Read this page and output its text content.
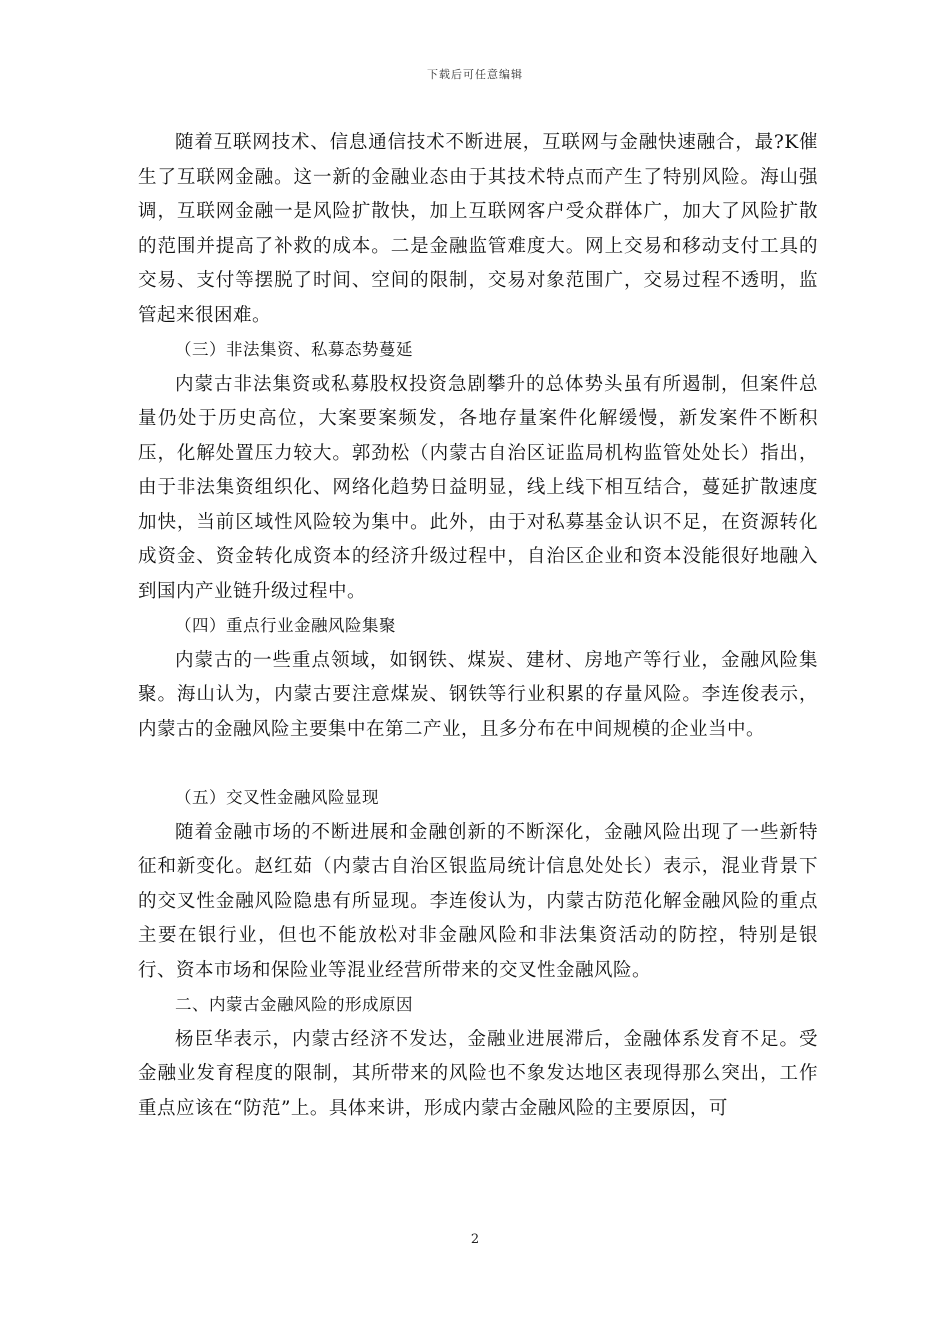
下载后可任意编辑

随着互联网技术、信息通信技术不断进展，互联网与金融快速融合，最?K催生了互联网金融。这一新的金融业态由于其技术特点而产生了特别风险。海山强调，互联网金融一是风险扩散快，加上互联网客户受众群体广，加大了风险扩散的范围并提高了补救的成本。二是金融监管难度大。网上交易和移动支付工具的交易、支付等摆脱了时间、空间的限制，交易对象范围广，交易过程不透明，监管起来很困难。

（三）非法集资、私募态势蔓延

内蒙古非法集资或私募股权投资急剧攀升的总体势头虽有所遏制，但案件总量仍处于历史高位，大案要案频发，各地存量案件化解缓慢，新发案件不断积压，化解处置压力较大。郭劲松（内蒙古自治区证监局机构监管处处长）指出，由于非法集资组织化、网络化趋势日益明显，线上线下相互结合，蔓延扩散速度加快，当前区域性风险较为集中。此外，由于对私募基金认识不足，在资源转化成资金、资金转化成资本的经济升级过程中，自治区企业和资本没能很好地融入到国内产业链升级过程中。

（四）重点行业金融风险集聚

内蒙古的一些重点领域，如钢铁、煤炭、建材、房地产等行业，金融风险集聚。海山认为，内蒙古要注意煤炭、钢铁等行业积累的存量风险。李连俊表示，内蒙古的金融风险主要集中在第二产业，且多分布在中间规模的企业当中。

（五）交叉性金融风险显现

随着金融市场的不断进展和金融创新的不断深化，金融风险出现了一些新特征和新变化。赵红茹（内蒙古自治区银监局统计信息处处长）表示，混业背景下的交叉性金融风险隐患有所显现。李连俊认为，内蒙古防范化解金融风险的重点主要在银行业，但也不能放松对非金融风险和非法集资活动的防控，特别是银行、资本市场和保险业等混业经营所带来的交叉性金融风险。

二、内蒙古金融风险的形成原因

杨臣华表示，内蒙古经济不发达，金融业进展滞后，金融体系发育不足。受金融业发育程度的限制，其所带来的风险也不象发达地区表现得那么突出，工作重点应该在“防范”上。具体来讲，形成内蒙古金融风险的主要原因，可

2
